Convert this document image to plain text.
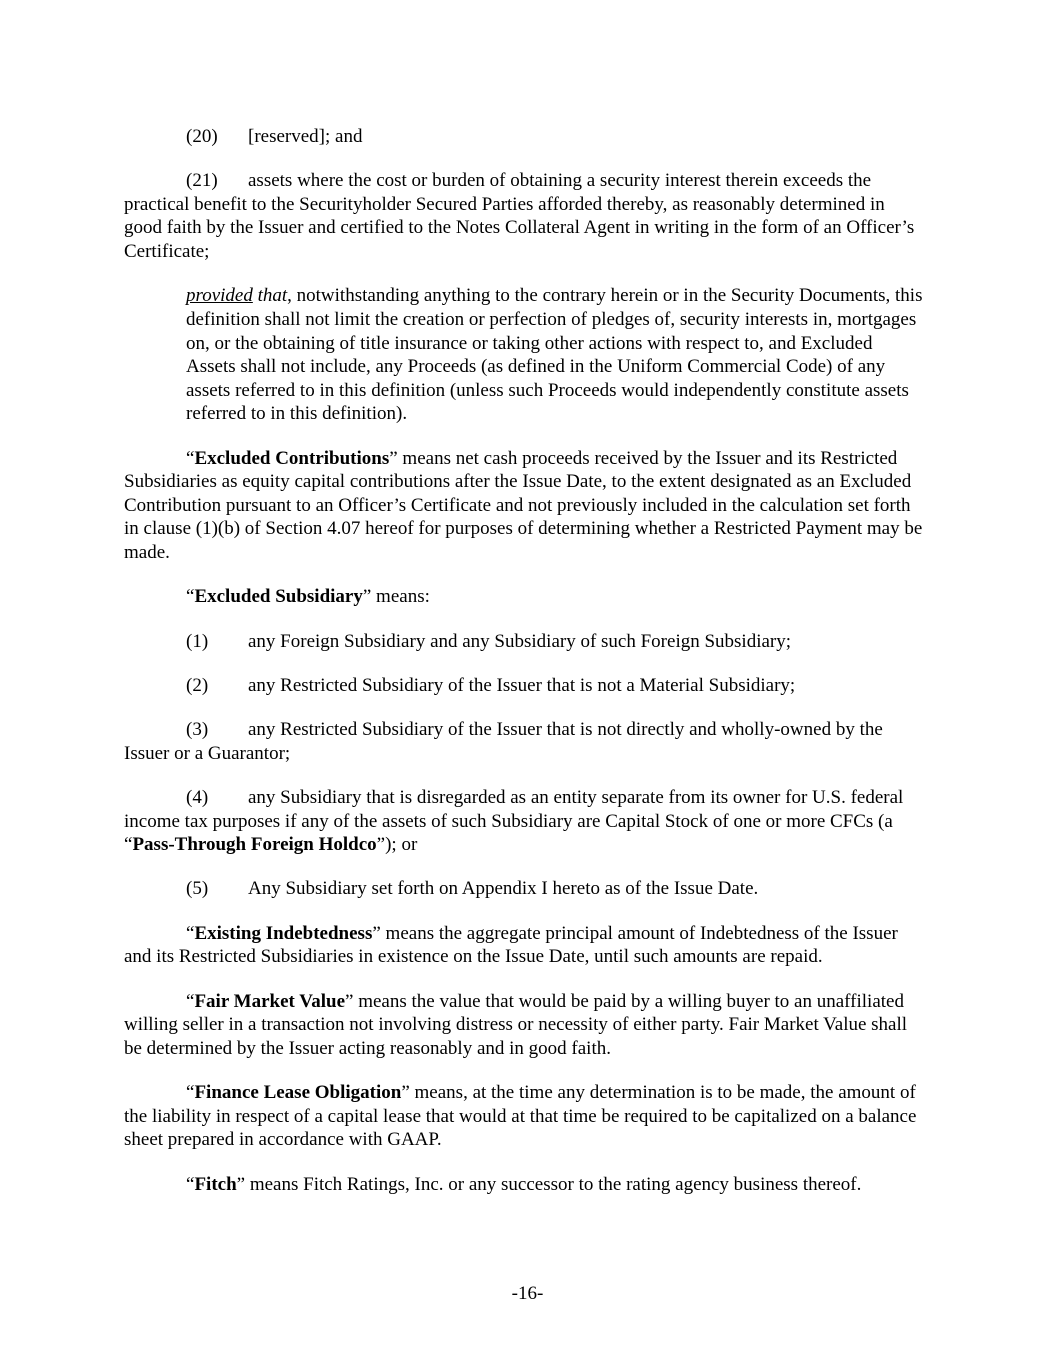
(20) [reserved]; and

(21) assets where the cost or burden of obtaining a security interest therein exceeds the practical benefit to the Securityholder Secured Parties afforded thereby, as reasonably determined in good faith by the Issuer and certified to the Notes Collateral Agent in writing in the form of an Officer’s Certificate;

provided that, notwithstanding anything to the contrary herein or in the Security Documents, this definition shall not limit the creation or perfection of pledges of, security interests in, mortgages on, or the obtaining of title insurance or taking other actions with respect to, and Excluded Assets shall not include, any Proceeds (as defined in the Uniform Commercial Code) of any assets referred to in this definition (unless such Proceeds would independently constitute assets referred to in this definition).

“Excluded Contributions” means net cash proceeds received by the Issuer and its Restricted Subsidiaries as equity capital contributions after the Issue Date, to the extent designated as an Excluded Contribution pursuant to an Officer’s Certificate and not previously included in the calculation set forth in clause (1)(b) of Section 4.07 hereof for purposes of determining whether a Restricted Payment may be made.

“Excluded Subsidiary” means:

(1) any Foreign Subsidiary and any Subsidiary of such Foreign Subsidiary;

(2) any Restricted Subsidiary of the Issuer that is not a Material Subsidiary;

(3) any Restricted Subsidiary of the Issuer that is not directly and wholly-owned by the Issuer or a Guarantor;

(4) any Subsidiary that is disregarded as an entity separate from its owner for U.S. federal income tax purposes if any of the assets of such Subsidiary are Capital Stock of one or more CFCs (a “Pass-Through Foreign Holdco”); or

(5) Any Subsidiary set forth on Appendix I hereto as of the Issue Date.

“Existing Indebtedness” means the aggregate principal amount of Indebtedness of the Issuer and its Restricted Subsidiaries in existence on the Issue Date, until such amounts are repaid.

“Fair Market Value” means the value that would be paid by a willing buyer to an unaffiliated willing seller in a transaction not involving distress or necessity of either party. Fair Market Value shall be determined by the Issuer acting reasonably and in good faith.

“Finance Lease Obligation” means, at the time any determination is to be made, the amount of the liability in respect of a capital lease that would at that time be required to be capitalized on a balance sheet prepared in accordance with GAAP.

“Fitch” means Fitch Ratings, Inc. or any successor to the rating agency business thereof.

-16-
